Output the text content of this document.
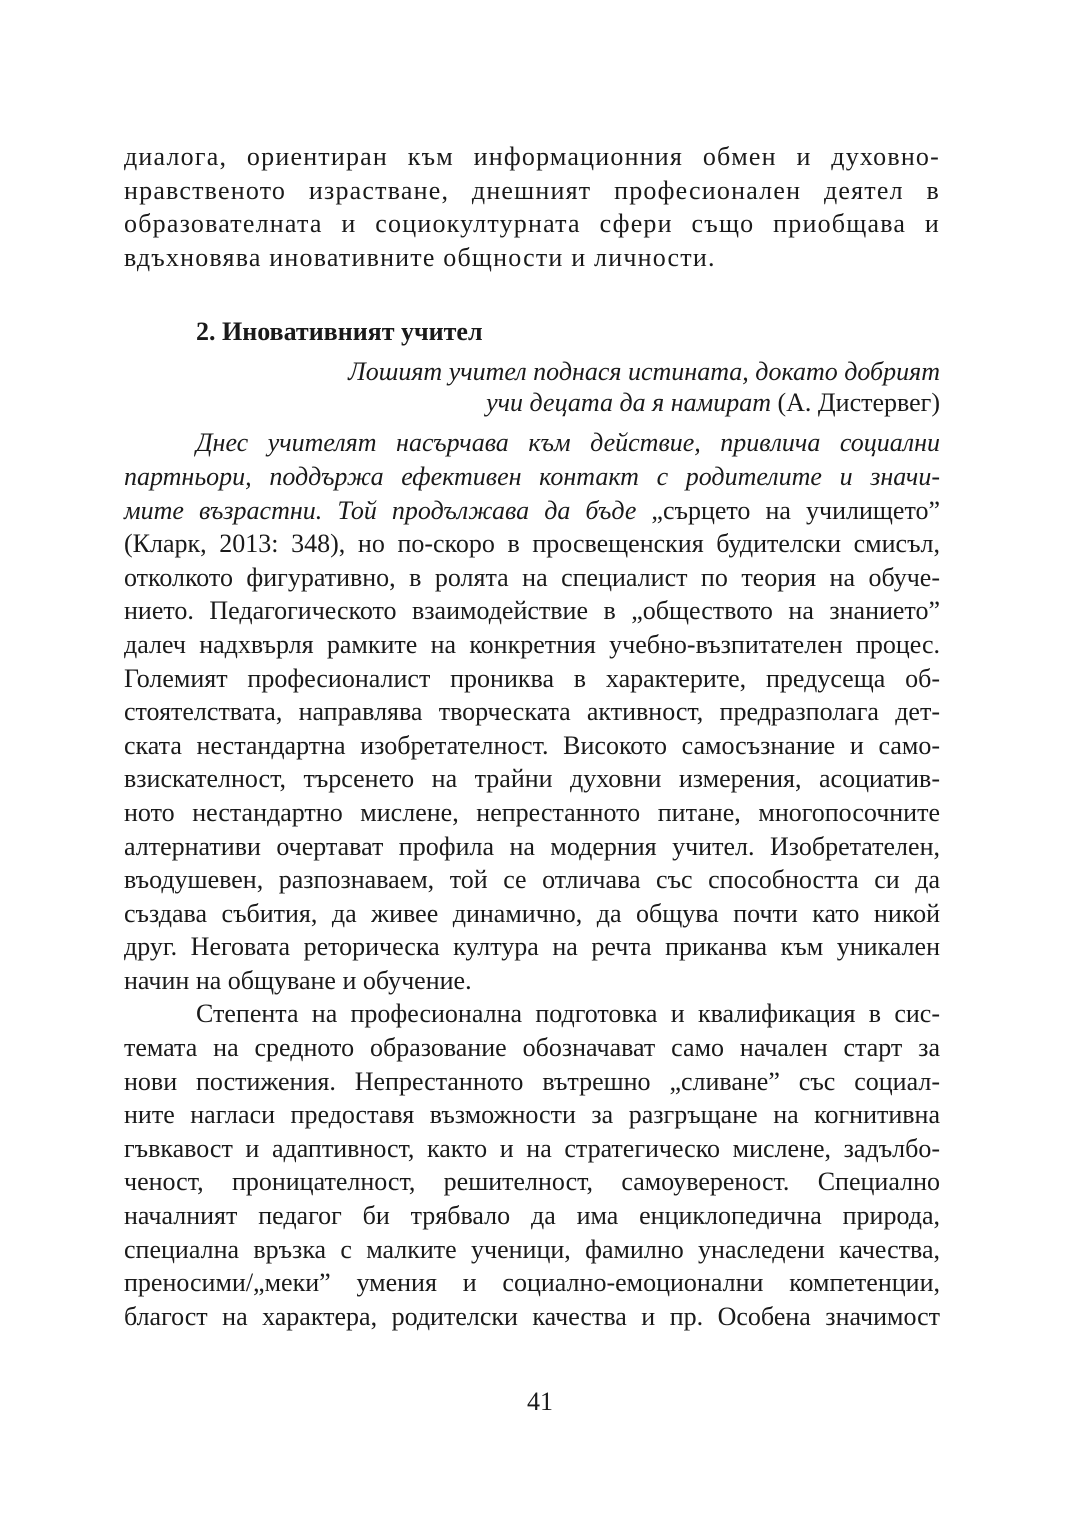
диалога, ориентиран към информационния обмен и духовно-
нравственото израстване, днешният професионален деятел в
образователната и социокултурната сфери също приобщава и
вдъхновява иновативните общности и личности.
2. Иновативният учител
Лошият учител поднася истината, докато добрият
учи децата да я намират (А. Дистервег)
Днес учителят насърчава към действие, привлича социални
партньори, поддържа ефективен контакт с родителите и значи-
мите възрастни. Той продължава да бъде „сърцето на училището”
(Кларк, 2013: 348), но по-скоро в просвещенския будителски смисъл,
отколкото фигуративно, в ролята на специалист по теория на обуче-
нието. Педагогическото взаимодействие в „обществото на знанието”
далеч надхвърля рамките на конкретния учебно-възпитателен процес.
Големият професионалист прониква в характерите, предусеща об-
стоятелствата, направлява творческата активност, предразполага дет-
ската нестандартна изобретателност. Високото самосъзнание и само-
взискателност, търсенето на трайни духовни измерения, асоциатив-
ното нестандартно мислене, непрестанното питане, многопосочните
алтернативи очертават профила на модерния учител. Изобретателен,
въодушевен, разпознаваем, той се отличава със способността си да
създава събития, да живее динамично, да общува почти като никой
друг. Неговата реторическа култура на речта приканва към уникален
начин на общуване и обучение.
Степента на професионална подготовка и квалификация в сис-
темата на средното образование обозначават само начален старт за
нови постижения. Непрестанното вътрешно „сливане” със социал-
ните нагласи предоставя възможности за разгръщане на когнитивна
гъвкавост и адаптивност, както и на стратегическо мислене, задълбо-
ченост, проницателност, решителност, самоувереност. Специално
началният педагог би трябвало да има енциклопедична природа,
специална връзка с малките ученици, фамилно унаследени качества,
преносими/„меки” умения и социално-емоционални компетенции,
благост на характера, родителски качества и пр. Особена значимост
41
